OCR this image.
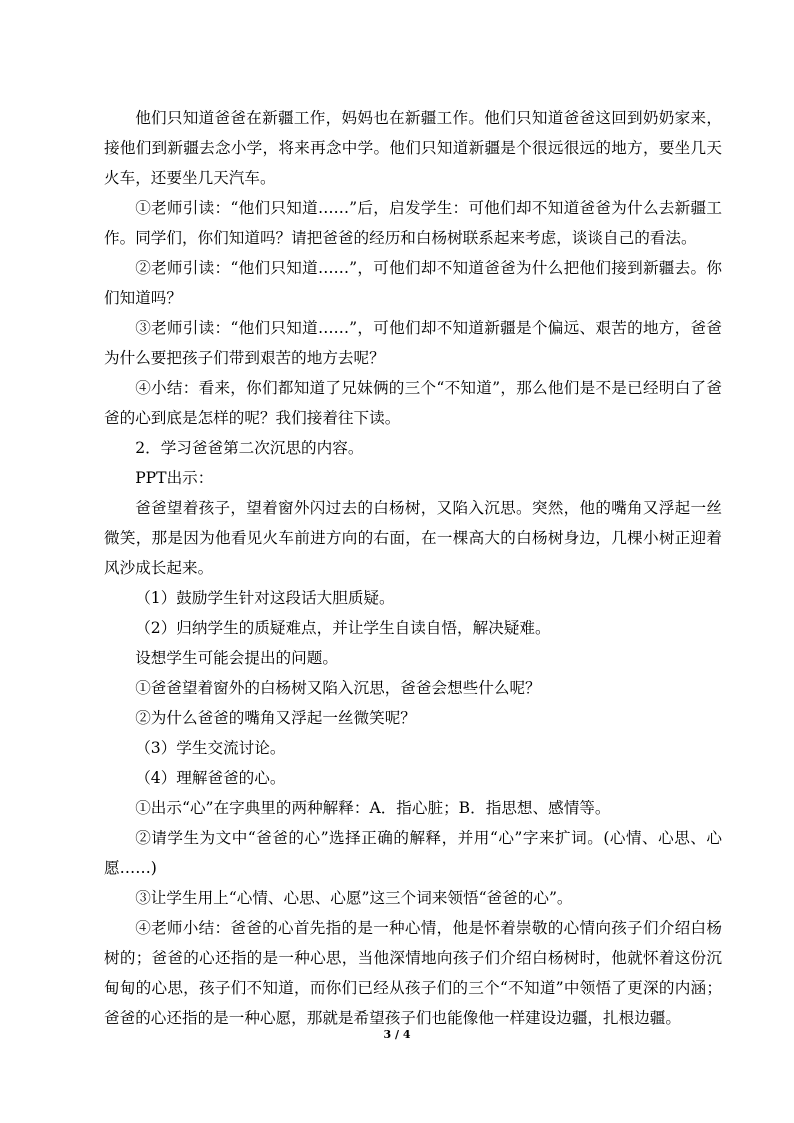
他们只知道爸爸在新疆工作，妈妈也在新疆工作。他们只知道爸爸这回到奶奶家来，接他们到新疆去念小学，将来再念中学。他们只知道新疆是个很远很远的地方，要坐几天火车，还要坐几天汽车。

①老师引读：“他们只知道……”后，启发学生：可他们却不知道爸爸为什么去新疆工作。同学们，你们知道吗？请把爸爸的经历和白杨树联系起来考虑，谈谈自己的看法。

②老师引读：“他们只知道……”，可他们却不知道爸爸为什么把他们接到新疆去。你们知道吗？

③老师引读：“他们只知道……”，可他们却不知道新疆是个偏远、艰苦的地方，爸爸为什么要把孩子们带到艰苦的地方去呢？

④小结：看来，你们都知道了兄妹俩的三个“不知道”，那么他们是不是已经明白了爸爸的心到底是怎样的呢？我们接着往下读。

2．学习爸爸第二次沉思的内容。

PPT出示：

爸爸望着孩子，望着窗外闪过去的白杨树，又陷入沉思。突然，他的嘴角又浮起一丝微笑，那是因为他看见火车前进方向的右面，在一棵高大的白杨树身边，几棵小树正迎着风沙成长起来。

（1）鼓励学生针对这段话大胆质疑。

（2）归纳学生的质疑难点，并让学生自读自悟，解决疑难。

设想学生可能会提出的问题。

①爸爸望着窗外的白杨树又陷入沉思，爸爸会想些什么呢？

②为什么爸爸的嘴角又浮起一丝微笑呢？

（3）学生交流讨论。

（4）理解爸爸的心。

①出示“心”在字典里的两种解释：A．指心脏；B．指思想、感情等。

②请学生为文中“爸爸的心”选择正确的解释，并用“心”字来扩词。(心情、心思、心愿……)

③让学生用上“心情、心思、心愿”这三个词来领悟“爸爸的心”。

④老师小结：爸爸的心首先指的是一种心情，他是怀着崇敬的心情向孩子们介绍白杨树的；爸爸的心还指的是一种心思，当他深情地向孩子们介绍白杨树时，他就怀着这份沉甸甸的心思，孩子们不知道，而你们已经从孩子们的三个“不知道”中领悟了更深的内涵；爸爸的心还指的是一种心愿，那就是希望孩子们也能像他一样建设边疆，扎根边疆。

3 / 4
